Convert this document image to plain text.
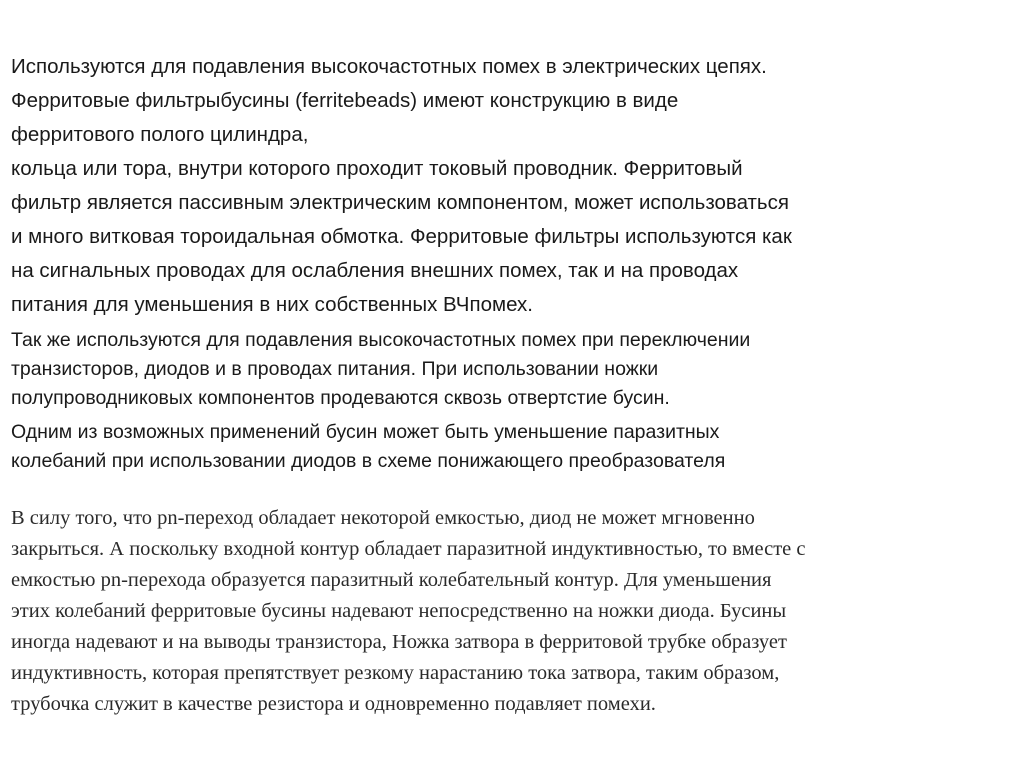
Используются для подавления высокочастотных помех в электрических цепях.

Ферритовые фильтрыбусины (ferritebeads) имеют конструкцию в виде

ферритового полого цилиндра,

кольца или тора, внутри которого проходит токовый проводник. Ферритовый

фильтр является пассивным электрическим компонентом, может использоваться

и много витковая тороидальная обмотка. Ферритовые фильтры используются как

на сигнальных проводах для ослабления внешних помех, так и на проводах

питания для уменьшения в них собственных ВЧпомех.

Так же используются для подавления высокочастотных помех при переключении

транзисторов, диодов и в проводах питания. При использовании ножки

полупроводниковых компонентов продеваются сквозь отвертстие бусин.

Одним из возможных применений бусин может быть уменьшение паразитных

колебаний при использовании диодов в схеме понижающего преобразователя

В силу того, что pn-переход обладает некоторой емкостью, диод не может мгновенно

закрыться. А поскольку входной контур обладает паразитной индуктивностью, то вместе с

емкостью pn-перехода образуется паразитный колебательный контур. Для уменьшения

этих колебаний ферритовые бусины надевают непосредственно на ножки диода. Бусины

иногда надевают и на выводы транзистора, Ножка затвора в ферритовой трубке образует

индуктивность, которая препятствует резкому нарастанию тока затвора, таким образом,

трубочка служит в качестве резистора и одновременно подавляет помехи.
